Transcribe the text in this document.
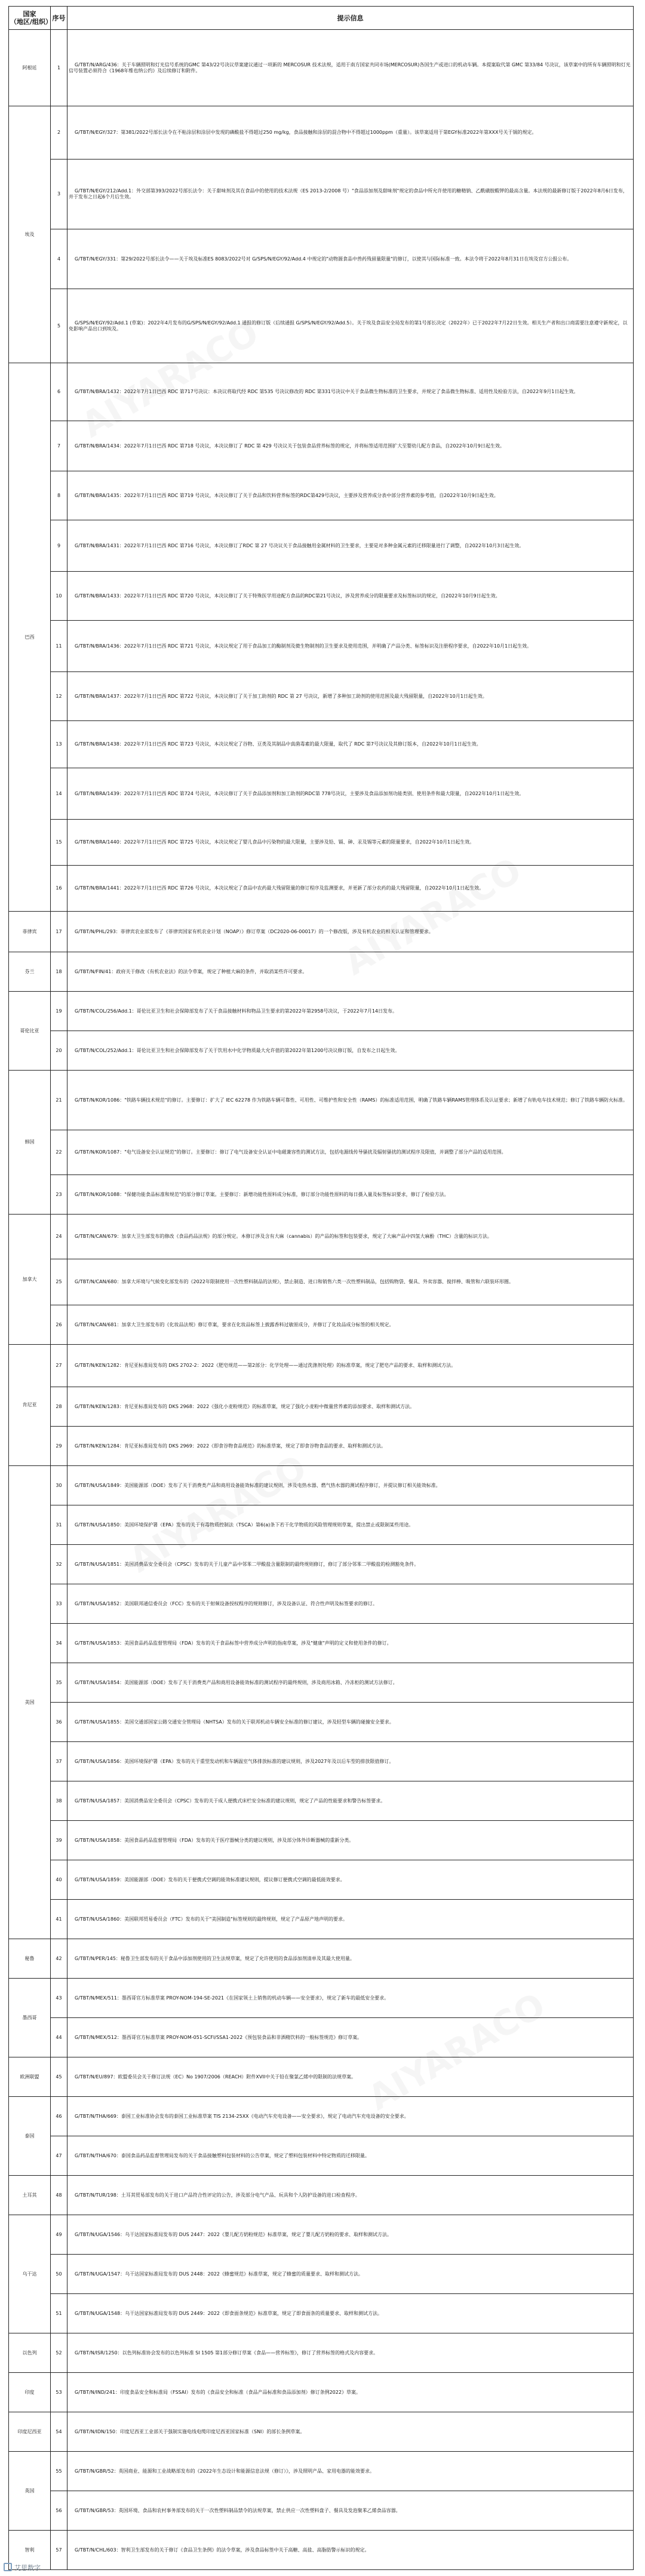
国家
（地区/组织）	序号	提示信息
阿根廷	1	G/TBT/N/ARG/436：关于车辆照明和灯光信号系统的GMC 第43/22号决议草案建议通过一项新的 MERCOSUR 技术法规，适用于南方国家共同市场(MERCOSUR)各国生产或进口的机动车辆。本提案取代第 GMC 第33/84 号决议，该草案中的所有车辆照明和灯光信号装置必须符合《1968年维也纳公约》及后续修订和附件。
埃及	2	G/TBT/N/EGY/327：第381/2022号部长法令在不粘涂层和涂层中发现的磷酸盐不得超过250 mg/kg，食品接触和涂层的混合物中不得超过1000ppm（重量）。该草案适用于第EGY标准2022年第XXX号关于锅的规定。
	3	G/TBT/N/EGY/212/Add.1：外交部第393/2022号部长法令：关于甜味剂及其在食品中的使用的技术法规（ES 2013-2/2008 号）"食品添加剂及甜味剂"规定的食品中所允许使用的糖精钠、乙酰磺胺酸钾的最高含量。本法规的最新修订版于2022年8月6日发布，并于发布之日起6个月后生效。
	4	G/TBT/N/EGY/331：第29/2022号部长法令——关于埃及标准ES 8083/2022号对 G/SPS/N/EGY/92/Add.4 中规定的"动物源食品中兽药残留量限量"的修订，以使其与国际标准一致。本法令将于2022年8月31日在埃及官方公报公布。
	5	G/SPS/N/EGY/92/Add.1 (草案)：2022年4月发布的G/SPS/N/EGY/92/Add.1 通报的修订版（后续通报 G/SPS/N/EGY/92/Add.5）。关于埃及食品安全局发布的第1号部长决定（2022年）已于2022年7月22日生效。相关生产者和出口商需要注意遵守新规定，以免影响产品出口到埃及。
巴西	6	G/TBT/N/BRA/1432：2022年7月1日巴西 RDC 第717号决议：本决议将取代经 RDC 第535 号决议修改的 RDC 第331号决议中关于食品微生物标准的卫生要求，并规定了食品微生物标准、适用性及检验方法，自2022年9月1日起生效。
	7	G/TBT/N/BRA/1434：2022年7月1日巴西 RDC 第718 号决议，本决议修订了 RDC 第 429 号决议关于包装食品营养标签的规定，并将标签适用范围扩大至婴幼儿配方食品，自2022年10月9日起生效。
	8	G/TBT/N/BRA/1435：2022年7月1日巴西 RDC 第719 号决议，本决议修订了关于食品和饮料营养标签的RDC第429号决议，主要涉及营养成分表中部分营养素的参考值，自2022年10月9日起生效。
	9	G/TBT/N/BRA/1431：2022年7月1日巴西 RDC 第716 号决议，本决议修订了RDC 第 27 号决议关于食品接触用金属材料的卫生要求，主要是对多种金属元素的迁移限量进行了调整，自2022年10月3日起生效。
	10	G/TBT/N/BRA/1433：2022年7月1日巴西 RDC 第720 号决议，本决议修订了关于特殊医学用途配方食品的RDC第21号决议，涉及营养成分的限量要求及标签标识的规定，自2022年10月9日起生效。
	11	G/TBT/N/BRA/1436：2022年7月1日巴西 RDC 第721 号决议，本决议规定了用于食品加工的酶制剂及微生物制剂的卫生要求及使用范围，并明确了产品分类、标签标识及注册程序要求，自2022年10月1日起生效。
	12	G/TBT/N/BRA/1437：2022年7月1日巴西 RDC 第722 号决议，本决议修订了关于加工助剂的 RDC 第 27 号决议，新增了多种加工助剂的使用范围及最大残留限量，自2022年10月1日起生效。
	13	G/TBT/N/BRA/1438：2022年7月1日巴西 RDC 第723 号决议，本决议规定了谷物、豆类及其制品中真菌毒素的最大限量，取代了 RDC 第7号决议及其修订版本，自2022年10月1日起生效。
	14	G/TBT/N/BRA/1439：2022年7月1日巴西 RDC 第724 号决议，本决议修订了关于食品添加剂和加工助剂的RDC第 778号决议，主要涉及食品添加剂功能类别、使用条件和最大限量，自2022年10月1日起生效。
	15	G/TBT/N/BRA/1440：2022年7月1日巴西 RDC 第725 号决议，本决议规定了婴儿食品中污染物的最大限量，主要涉及铅、镉、砷、汞及锡等元素的限量要求，自2022年10月1日起生效。
	16	G/TBT/N/BRA/1441：2022年7月1日巴西 RDC 第726 号决议，本决议规定了食品中农药最大残留限量的修订程序及监测要求，并更新了部分农药的最大残留限量，自2022年10月1日起生效。
菲律宾	17	G/TBT/N/PHL/293：菲律宾农业部发布了《菲律宾国家有机农业计划（NOAP）》修订草案（DC2020-06-00017）的一个修改版，涉及有机农业的相关认证和管理要求。
芬兰	18	G/TBT/N/FIN/41：政府关于修改《有机农业法》的法令草案，规定了种植大麻的条件，并取消某些许可要求。
哥伦比亚	19	G/TBT/N/COL/256/Add.1：哥伦比亚卫生和社会保障部发布了关于食品接触材料和物品卫生要求的第2022年第2958号决议，于2022年7月14日发布。
	20	G/TBT/N/COL/252/Add.1：哥伦比亚卫生和社会保障部发布了关于饮用水中化学物质最大允许值的第2022年第1200号决议修订版，自发布之日起生效。
韩国	21	G/TBT/N/KOR/1086："铁路车辆技术规范"的修订。主要修订：扩大了 IEC 62278 作为铁路车辆可靠性、可用性、可维护性和安全性（RAMS）的标准适用范围，明确了铁路车辆RAMS管理体系及认证要求；新增了有轨电车技术规范；修订了铁路车辆防火标准。
	22	G/TBT/N/KOR/1087："电气设备安全认证规范"的修订。主要修订：修订了电气设备安全认证中电磁兼容性的测试方法，包括电源线传导骚扰及辐射骚扰的测试程序及限值，并调整了部分产品的适用范围。
	23	G/TBT/N/KOR/1088："保健功能食品标准和规范"的部分修订草案。主要修订：新增功能性原料成分标准，修订部分功能性原料的每日摄入量及标签标识要求，修订了检验方法。
加拿大	24	G/TBT/N/CAN/679：加拿大卫生部发布的修改《食品药品法规》的部分规定。本修订涉及含有大麻（cannabis）的产品的标签和包装要求，规定了大麻产品中四氢大麻酚（THC）含量的标识方法。
	25	G/TBT/N/CAN/680：加拿大环境与气候变化部发布的《2022年限制使用一次性塑料制品的法规》，禁止制造、进口和销售六类一次性塑料制品，包括购物袋、餐具、外卖容器、搅拌棒、吸管和六联装环形圈。
	26	G/TBT/N/CAN/681：加拿大卫生部发布的《化妆品法规》修订草案，要求在化妆品标签上披露香料过敏原成分，并修订了化妆品成分标签的相关规定。
肯尼亚	27	G/TBT/N/KEN/1282：肯尼亚标准局发布的 DKS 2702-2：2022《肥皂规范——第2部分：化学处理——通过洗涤剂处理》的标准草案，规定了肥皂产品的要求、取样和测试方法。
	28	G/TBT/N/KEN/1283：肯尼亚标准局发布的 DKS 2968：2022《强化小麦粉规范》的标准草案，规定了强化小麦粉中微量营养素的添加要求、取样和测试方法。
	29	G/TBT/N/KEN/1284：肯尼亚标准局发布的 DKS 2969：2022《即食谷物食品规范》的标准草案，规定了即食谷物食品的要求、取样和测试方法。
美国	30	G/TBT/N/USA/1849：美国能源部（DOE）发布了关于消费类产品和商用设备能效标准的建议规则，涉及电热水器、燃气热水器的测试程序修订，并提议修订相关能效标准。
	31	G/TBT/N/USA/1850：美国环境保护署（EPA）发布的关于有毒物质控制法（TSCA）第6(a)条下若干化学物质的风险管理规则草案，提出禁止或限制某些用途。
	32	G/TBT/N/USA/1851：美国消费品安全委员会（CPSC）发布的关于儿童产品中邻苯二甲酸盐含量限制的最终规则修订，修订了部分邻苯二甲酸盐的检测豁免条件。
	33	G/TBT/N/USA/1852：美国联邦通信委员会（FCC）发布的关于射频设备授权程序的规则修订，涉及设备认证、符合性声明及标签要求的修订。
	34	G/TBT/N/USA/1853：美国食品药品监督管理局（FDA）发布的关于食品标签中营养成分声明的指南草案，涉及"健康"声明的定义和使用条件的修订。
	35	G/TBT/N/USA/1854：美国能源部（DOE）发布了关于消费类产品和商用设备能效标准的测试程序的最终规则，涉及商用冰箱、冷冻柜的测试方法修订。
	36	G/TBT/N/USA/1855：美国交通部国家公路交通安全管理局（NHTSA）发布的关于联邦机动车辆安全标准的修订建议，涉及轻型车辆的碰撞安全要求。
	37	G/TBT/N/USA/1856：美国环境保护署（EPA）发布的关于重型发动机和车辆温室气体排放标准的建议规则，涉及2027年及以后车型的排放限值修订。
	38	G/TBT/N/USA/1857：美国消费品安全委员会（CPSC）发布的关于成人便携式床栏安全标准的建议规则，规定了产品的性能要求和警告标签要求。
	39	G/TBT/N/USA/1858：美国食品药品监督管理局（FDA）发布的关于医疗器械分类的建议规则，涉及部分体外诊断器械的重新分类。
	40	G/TBT/N/USA/1859：美国能源部（DOE）发布的关于便携式空调的能效标准建议规则，提议修订便携式空调的最低能效要求。
	41	G/TBT/N/USA/1860：美国联邦贸易委员会（FTC）发布的关于"美国制造"标签规则的最终规则，规定了产品原产地声明的要求。
秘鲁	42	G/TBT/N/PER/145：秘鲁卫生部发布的关于食品中添加剂使用的卫生法规草案，规定了允许使用的食品添加剂清单及其最大使用量。
墨西哥	43	G/TBT/N/MEX/511：墨西哥官方标准草案 PROY-NOM-194-SE-2021《在国家领土上销售的机动车辆——安全要求》，规定了新车的最低安全要求。
	44	G/TBT/N/MEX/512：墨西哥官方标准草案 PROY-NOM-051-SCFI/SSA1-2022《预包装食品和非酒精饮料的一般标签规范》修订草案。
欧洲联盟	45	G/TBT/N/EU/897：欧盟委员会关于修订法规（EC）No 1907/2006（REACH）附件XVII中关于铅在聚氯乙烯中的限制的法规草案。
泰国	46	G/TBT/N/THA/669：泰国工业标准协会发布的泰国工业标准草案 TIS 2134-25XX《电动汽车充电设备——安全要求》，规定了电动汽车充电设备的安全要求。
	47	G/TBT/N/THA/670：泰国食品药品监督管理局发布的关于食品接触塑料包装材料的公告草案，规定了塑料包装材料中特定物质的迁移限量。
土耳其	48	G/TBT/N/TUR/198：土耳其贸易部发布的关于进口产品符合性评定的公告，涉及部分电气产品、玩具和个人防护设备的进口检查程序。
乌干达	49	G/TBT/N/UGA/1546：乌干达国家标准局发布的 DUS 2447：2022《婴儿配方奶粉规范》标准草案，规定了婴儿配方奶粉的要求、取样和测试方法。
	50	G/TBT/N/UGA/1547：乌干达国家标准局发布的 DUS 2448：2022《蜂蜜规范》标准草案，规定了蜂蜜的质量要求、取样和测试方法。
	51	G/TBT/N/UGA/1548：乌干达国家标准局发布的 DUS 2449：2022《即食面条规范》标准草案，规定了即食面条的质量要求、取样和测试方法。
以色列	52	G/TBT/N/ISR/1250：以色列标准协会发布的以色列标准 SI 1505 第1部分修订草案《食品——营养标签》，修订了营养标签的格式及内容要求。
印度	53	G/TBT/N/IND/241：印度食品安全和标准局（FSSAI）发布的《食品安全和标准（食品产品标准和食品添加剂）修订条例2022》草案。
印度尼西亚	54	G/TBT/N/IDN/150：印度尼西亚工业部关于强制实施电线电缆印度尼西亚国家标准（SNI）的部长条例草案。
英国	55	G/TBT/N/GBR/52：英国商业、能源和工业战略部发布的《2022年生态设计和能源信息法规（修订）》，涉及照明产品、家用电器的能效要求。
	56	G/TBT/N/GBR/53：英国环境、食品和农村事务部发布的关于一次性塑料制品禁令的法规草案，禁止供应一次性塑料盘子、餐具及发泡聚苯乙烯食品容器。
智利	57	G/TBT/N/CHL/603：智利卫生部发布的关于修订《食品卫生条例》的法令草案，涉及食品标签中关于高糖、高盐、高脂肪警示标识的规定。
艾思数字
